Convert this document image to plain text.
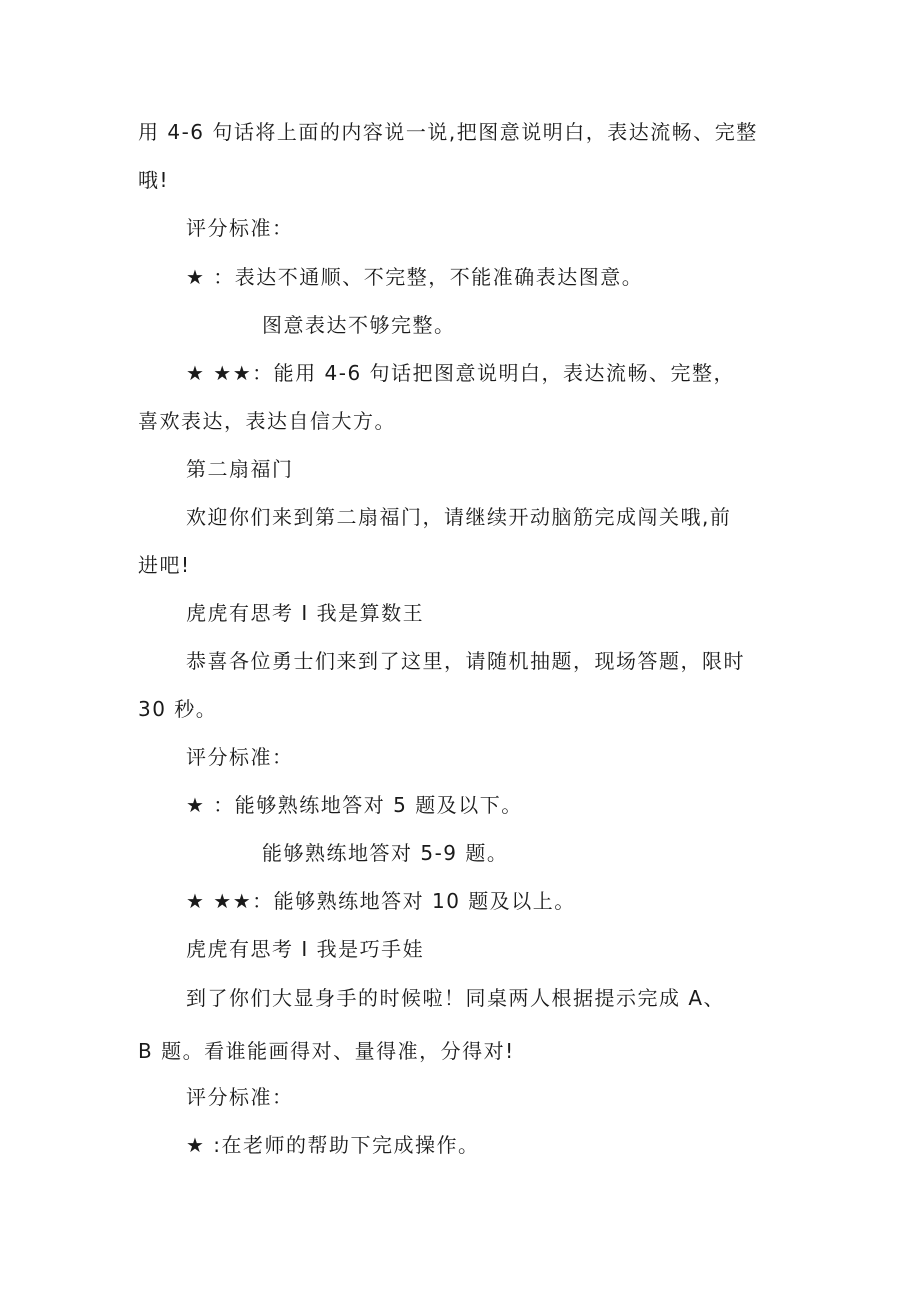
用 4-6 句话将上面的内容说一说,把图意说明白，表达流畅、完整
哦!
评分标准：
★ ：表达不通顺、不完整，不能准确表达图意。
图意表达不够完整。
★ ★★：能用 4-6 句话把图意说明白，表达流畅、完整，
喜欢表达，表达自信大方。
第二扇福门
欢迎你们来到第二扇福门，请继续开动脑筋完成闯关哦,前
进吧!
虎虎有思考 I 我是算数王
恭喜各位勇士们来到了这里，请随机抽题，现场答题，限时
30 秒。
评分标准：
★ ：能够熟练地答对 5 题及以下。
能够熟练地答对 5-9 题。
★ ★★：能够熟练地答对 10 题及以上。
虎虎有思考 I 我是巧手娃
到了你们大显身手的时候啦！同桌两人根据提示完成 A、
B 题。看谁能画得对、量得准，分得对!
评分标准：
★ :在老师的帮助下完成操作。
